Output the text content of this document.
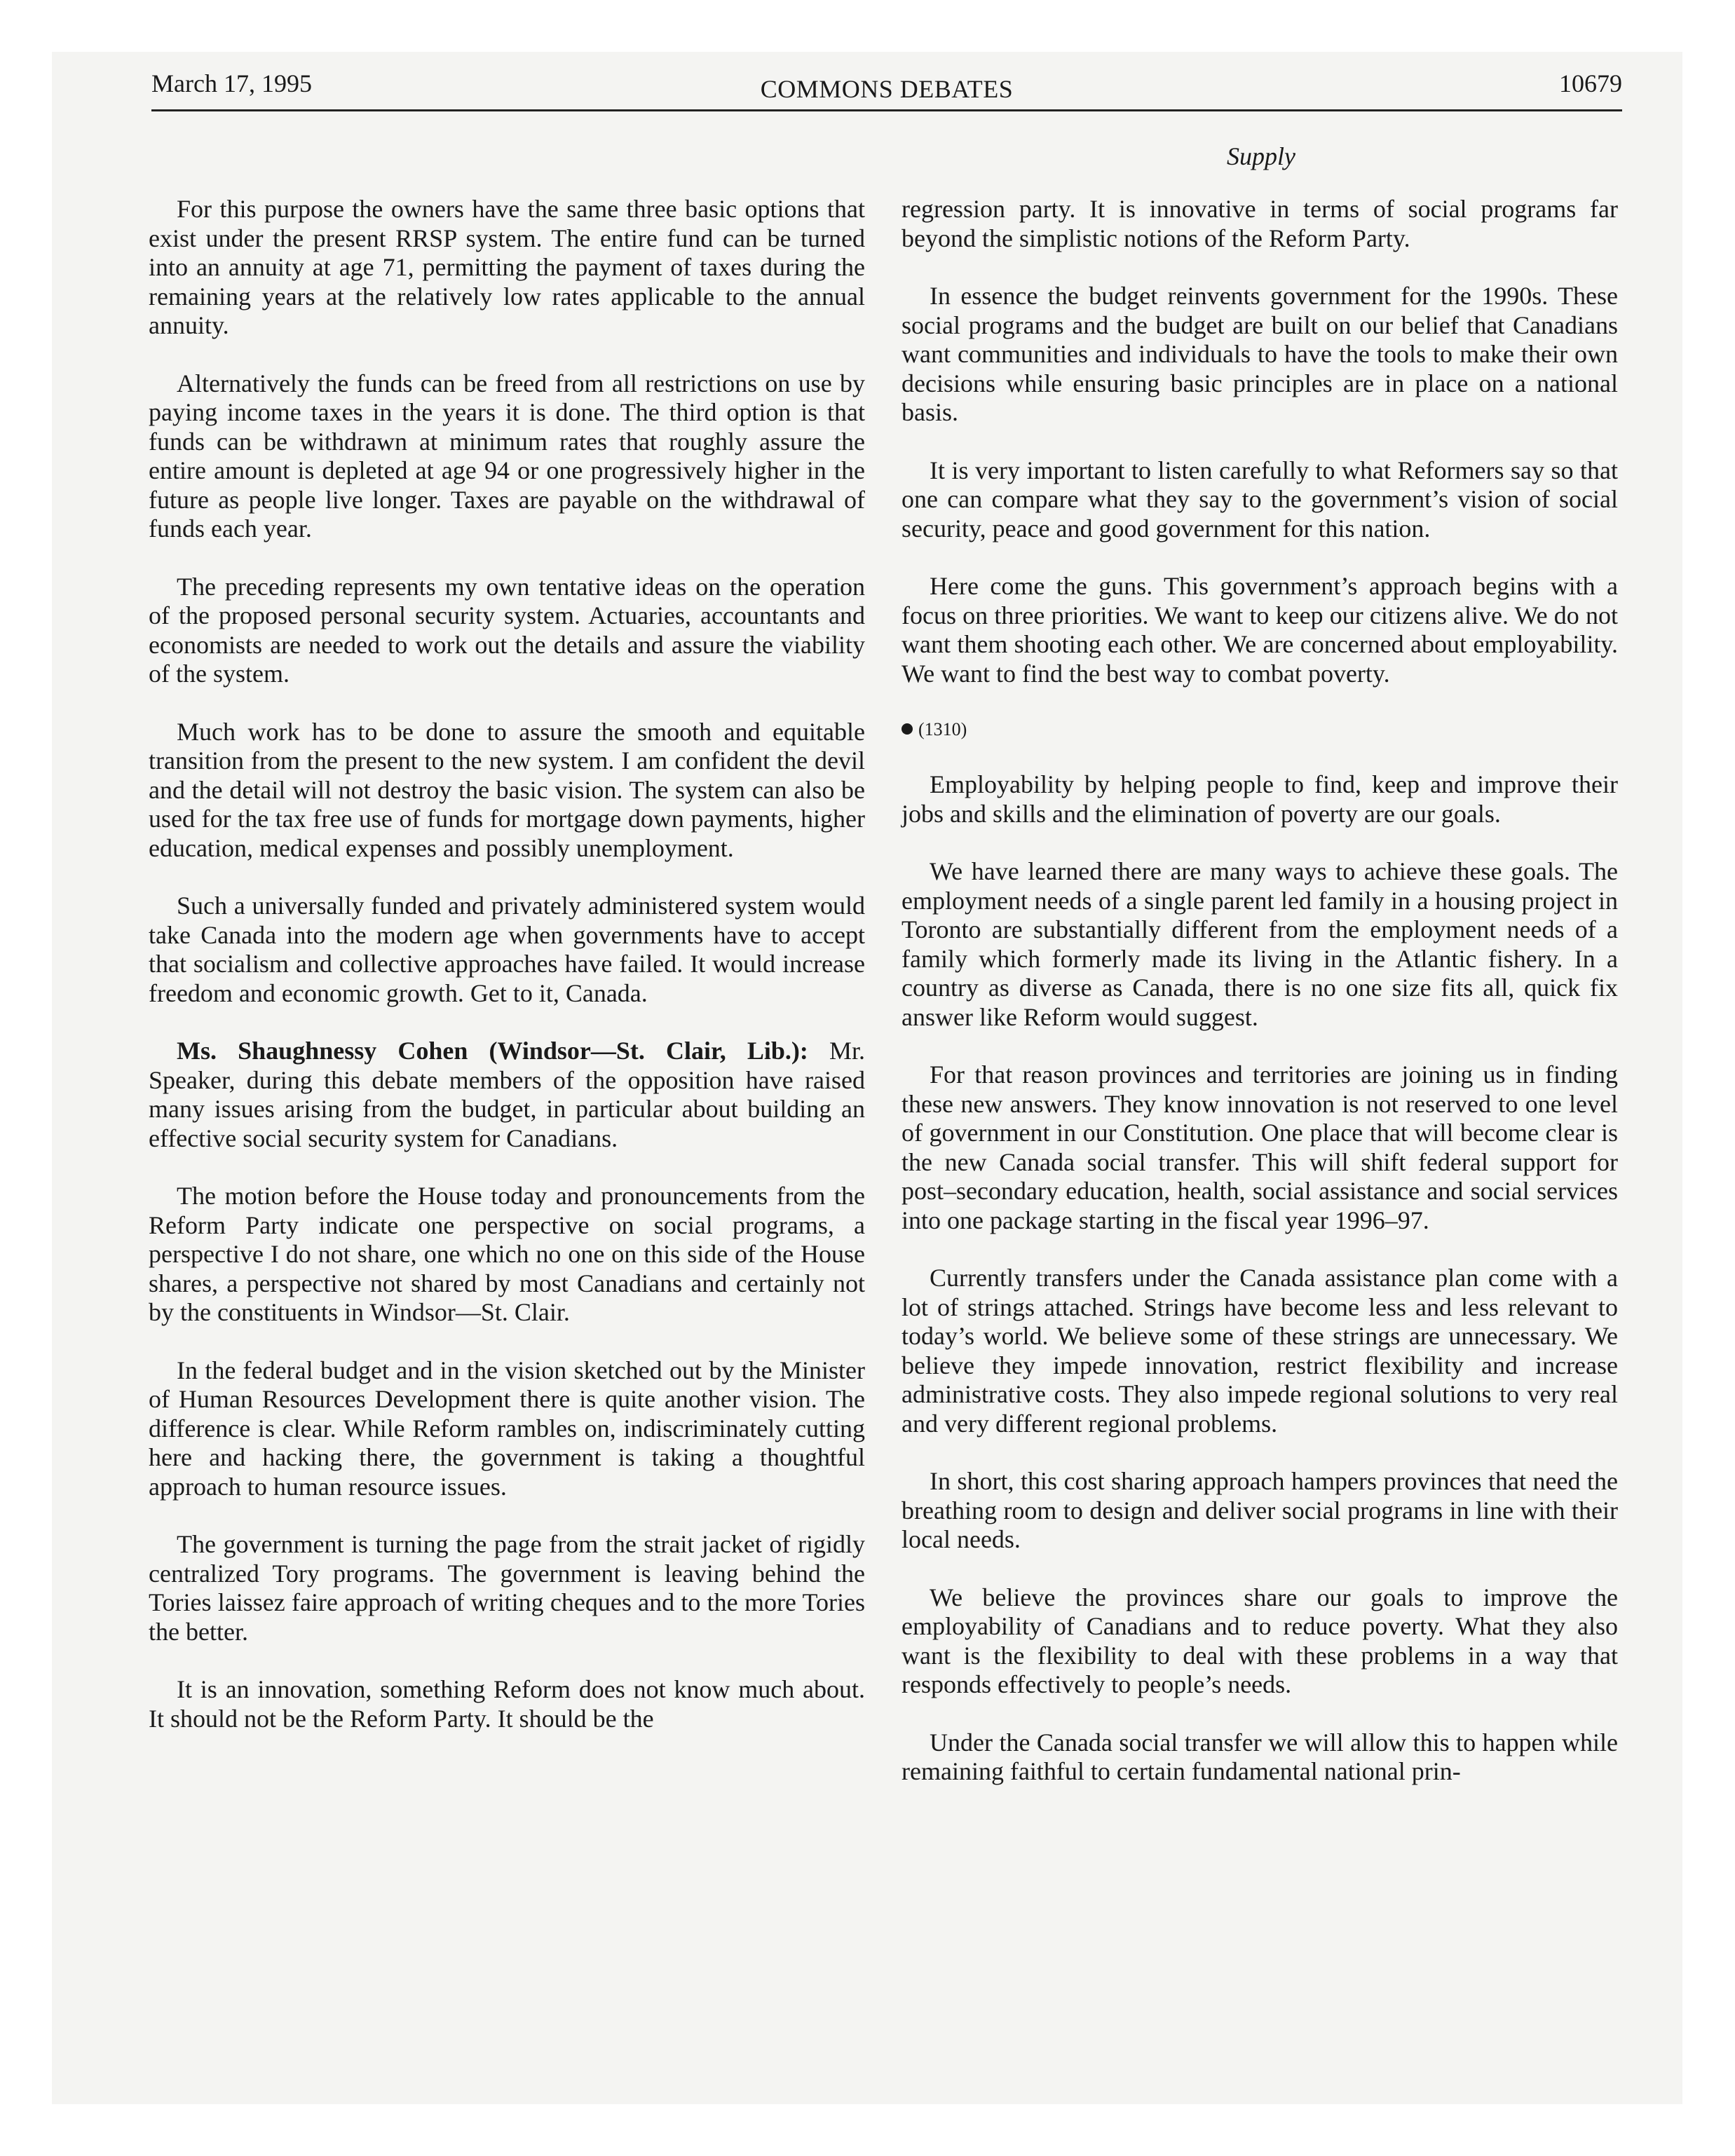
March 17, 1995	COMMONS DEBATES	10679
Supply

For this purpose the owners have the same three basic options that exist under the present RRSP system. The entire fund can be turned into an annuity at age 71, permitting the payment of taxes during the remaining years at the relatively low rates applicable to the annual annuity.

Alternatively the funds can be freed from all restrictions on use by paying income taxes in the years it is done. The third option is that funds can be withdrawn at minimum rates that roughly assure the entire amount is depleted at age 94 or one progressively higher in the future as people live longer. Taxes are payable on the withdrawal of funds each year.

The preceding represents my own tentative ideas on the operation of the proposed personal security system. Actuaries, accountants and economists are needed to work out the details and assure the viability of the system.

Much work has to be done to assure the smooth and equitable transition from the present to the new system. I am confident the devil and the detail will not destroy the basic vision. The system can also be used for the tax free use of funds for mortgage down payments, higher education, medical expenses and possibly unemployment.

Such a universally funded and privately administered system would take Canada into the modern age when governments have to accept that socialism and collective approaches have failed. It would increase freedom and economic growth. Get to it, Canada.

Ms. Shaughnessy Cohen (Windsor—St. Clair, Lib.): Mr. Speaker, during this debate members of the opposition have raised many issues arising from the budget, in particular about building an effective social security system for Canadians.

The motion before the House today and pronouncements from the Reform Party indicate one perspective on social programs, a perspective I do not share, one which no one on this side of the House shares, a perspective not shared by most Canadians and certainly not by the constituents in Windsor—St. Clair.

In the federal budget and in the vision sketched out by the Minister of Human Resources Development there is quite another vision. The difference is clear. While Reform rambles on, indiscriminately cutting here and hacking there, the government is taking a thoughtful approach to human resource issues.

The government is turning the page from the strait jacket of rigidly centralized Tory programs. The government is leaving behind the Tories laissez faire approach of writing cheques and to the more Tories the better.

It is an innovation, something Reform does not know much about. It should not be the Reform Party. It should be the

regression party. It is innovative in terms of social programs far beyond the simplistic notions of the Reform Party.

In essence the budget reinvents government for the 1990s. These social programs and the budget are built on our belief that Canadians want communities and individuals to have the tools to make their own decisions while ensuring basic principles are in place on a national basis.

It is very important to listen carefully to what Reformers say so that one can compare what they say to the government’s vision of social security, peace and good government for this nation.

Here come the guns. This government’s approach begins with a focus on three priorities. We want to keep our citizens alive. We do not want them shooting each other. We are concerned about employability. We want to find the best way to combat poverty.

(1310)

Employability by helping people to find, keep and improve their jobs and skills and the elimination of poverty are our goals.

We have learned there are many ways to achieve these goals. The employment needs of a single parent led family in a housing project in Toronto are substantially different from the employment needs of a family which formerly made its living in the Atlantic fishery. In a country as diverse as Canada, there is no one size fits all, quick fix answer like Reform would suggest.

For that reason provinces and territories are joining us in finding these new answers. They know innovation is not reserved to one level of government in our Constitution. One place that will become clear is the new Canada social transfer. This will shift federal support for post–secondary education, health, social assistance and social services into one package starting in the fiscal year 1996–97.

Currently transfers under the Canada assistance plan come with a lot of strings attached. Strings have become less and less relevant to today’s world. We believe some of these strings are unnecessary. We believe they impede innovation, restrict flexibility and increase administrative costs. They also impede regional solutions to very real and very different regional problems.

In short, this cost sharing approach hampers provinces that need the breathing room to design and deliver social programs in line with their local needs.

We believe the provinces share our goals to improve the employability of Canadians and to reduce poverty. What they also want is the flexibility to deal with these problems in a way that responds effectively to people’s needs.

Under the Canada social transfer we will allow this to happen while remaining faithful to certain fundamental national prin-
